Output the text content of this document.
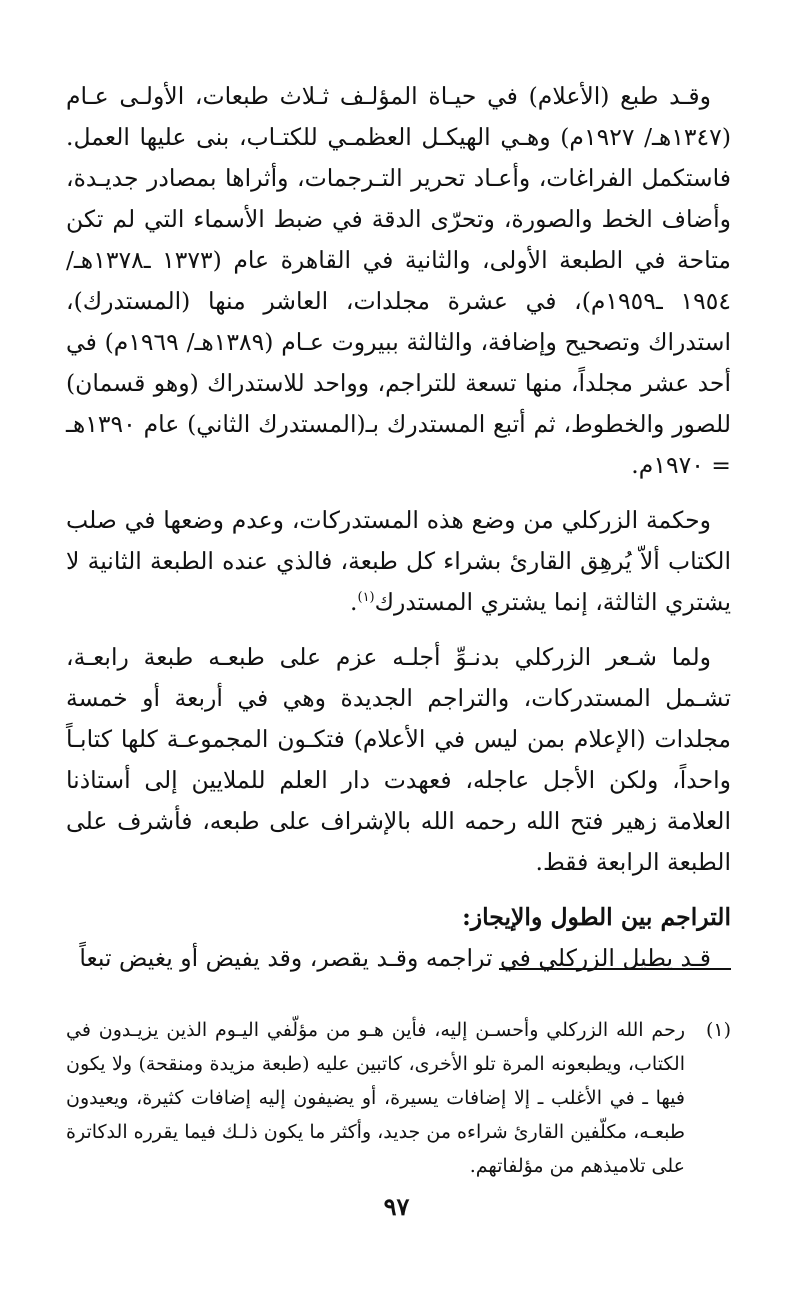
وقـد طبع (الأعلام) في حيـاة المؤلـف ثـلاث طبعات، الأولـى عـام (١٣٤٧هـ/ ١٩٢٧م) وهـي الهيكـل العظمـي للكتـاب، بنى عليها العمل. فاستكمل الفراغات، وأعـاد تحرير التـرجمات، وأثراها بمصادر جديـدة، وأضاف الخط والصورة، وتحرّى الدقة في ضبط الأسماء التي لم تكن متاحة في الطبعة الأولى، والثانية في القاهرة عام (١٣٧٣ ـ١٣٧٨هـ/ ١٩٥٤ ـ١٩٥٩م)، في عشرة مجلدات، العاشر منها (المستدرك)، استدراك وتصحيح وإضافة، والثالثة ببيروت عـام (١٣٨٩هـ/ ١٩٦٩م) في أحد عشر مجلداً، منها تسعة للتراجم، وواحد للاستدراك (وهو قسمان) للصور والخطوط، ثم أتبع المستدرك بـ(المستدرك الثاني) عام ١٣٩٠هـ = ١٩٧٠م.

وحكمة الزركلي من وضع هذه المستدركات، وعدم وضعها في صلب الكتاب ألاّ يُرهِق القارئ بشراء كل طبعة، فالذي عنده الطبعة الثانية لا يشتري الثالثة، إنما يشتري المستدرك$^{(١)}$.

ولما شـعر الزركلي بدنـوِّ أجلـه عزم على طبعـه طبعة رابعـة، تشـمل المستدركات، والتراجم الجديدة وهي في أربعة أو خمسة مجلدات (الإعلام بمن ليس في الأعلام) فتكـون المجموعـة كلها كتابـاً واحداً، ولكن الأجل عاجله، فعهدت دار العلم للملايين إلى أستاذنا العلامة زهير فتح الله رحمه الله بالإشراف على طبعه، فأشرف على الطبعة الرابعة فقط.

التراجم بين الطول والإيجاز:

قـد يطيل الزركلي في تراجمه وقـد يقصر، وقد يفيض أو يغيض تبعاً

(١)

رحم الله الزركلي وأحسـن إليه، فأين هـو من مؤلّفي اليـوم الذين يزيـدون في الكتاب، ويطبعونه المرة تلو الأخرى، كاتبين عليه (طبعة مزيدة ومنقحة) ولا يكون فيها ـ في الأغلب ـ إلا إضافات يسيرة، أو يضيفون إليه إضافات كثيرة، ويعيدون طبعـه، مكلّفين القارئ شراءه من جديد، وأكثر ما يكون ذلـك فيما يقرره الدكاترة على تلاميذهم من مؤلفاتهم.

٩٧
